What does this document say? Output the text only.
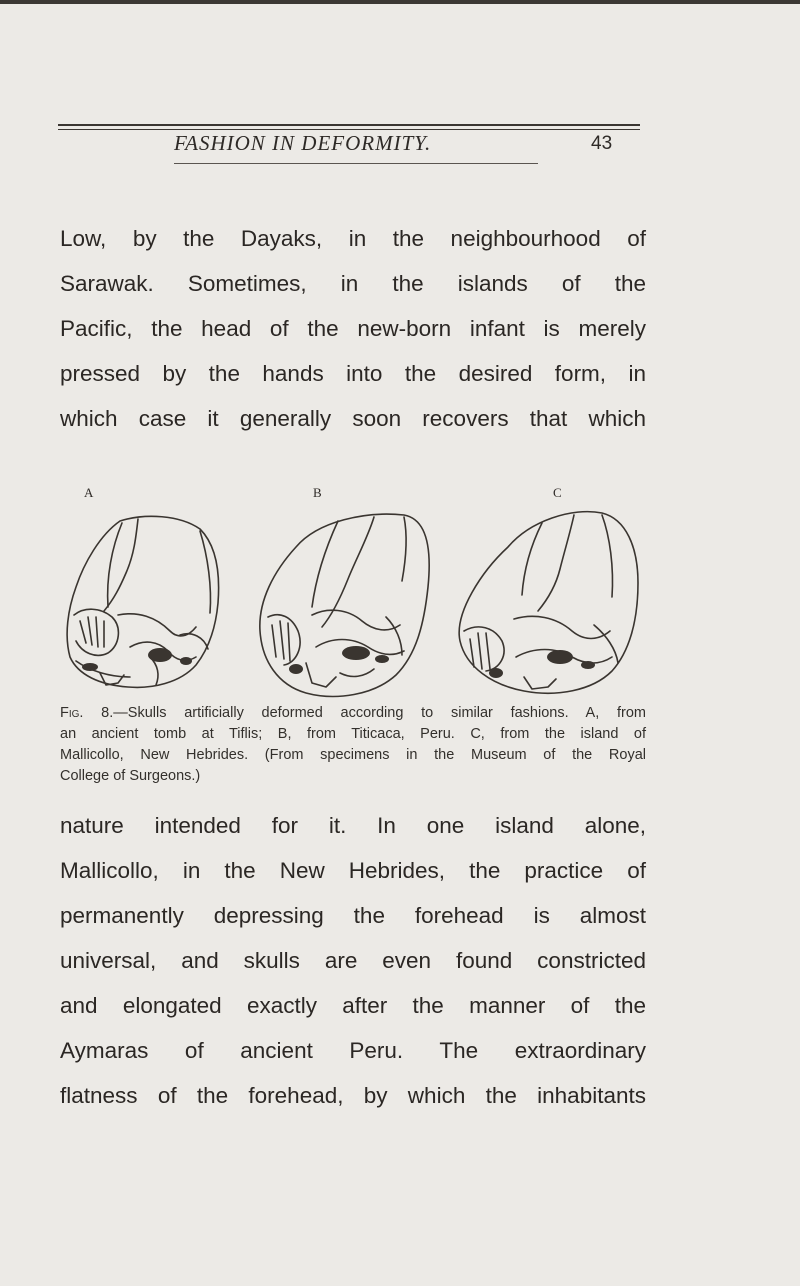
FASHION IN DEFORMITY.	43
Low, by the Dayaks, in the neighbourhood of
Sarawak. Sometimes, in the islands of the
Pacific, the head of the new-born infant is merely
pressed by the hands into the desired form, in
which case it generally soon recovers that which
A	B	C
Fig. 8.—Skulls artificially deformed according to similar fashions. A, from
an ancient tomb at Tiflis; B, from Titicaca, Peru. C, from the island of
Mallicollo, New Hebrides. (From specimens in the Museum of the Royal
College of Surgeons.)
nature intended for it. In one island alone,
Mallicollo, in the New Hebrides, the practice of
permanently depressing the forehead is almost
universal, and skulls are even found constricted
and elongated exactly after the manner of the
Aymaras of ancient Peru. The extraordinary
flatness of the forehead, by which the inhabitants
